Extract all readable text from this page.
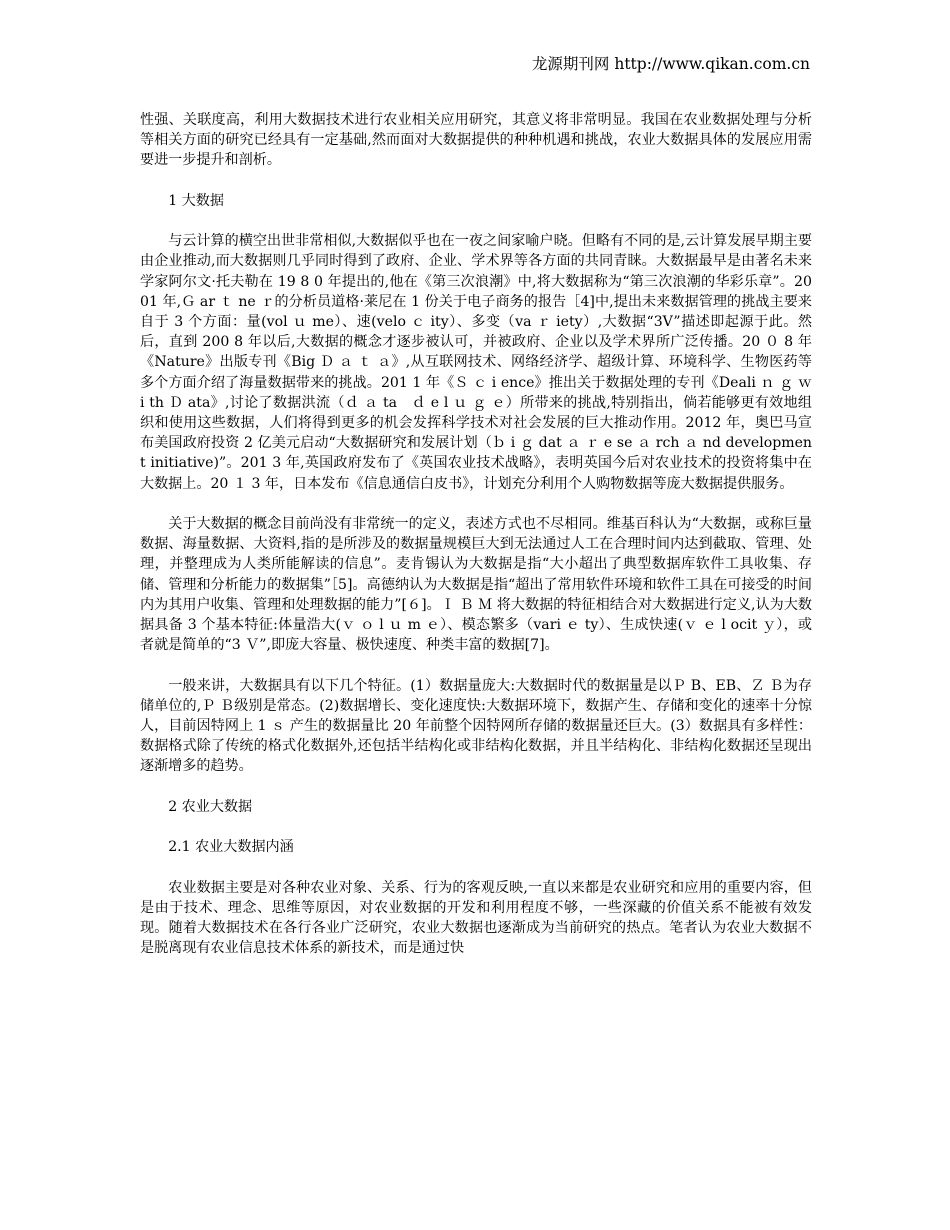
龙源期刊网 http://www.qikan.com.cn

性强、关联度高，利用大数据技术进行农业相关应用研究，其意义将非常明显。我国在农业数据处理与分析等相关方面的研究已经具有一定基础,然而面对大数据提供的种种机遇和挑战，农业大数据具体的发展应用需要进一步提升和剖析。

1 大数据

与云计算的横空出世非常相似,大数据似乎也在一夜之间家喻户晓。但略有不同的是,云计算发展早期主要由企业推动,而大数据则几乎同时得到了政府、企业、学术界等各方面的共同青睐。大数据最早是由著名未来学家阿尔文·托夫勒在 19 8 0 年提出的,他在《第三次浪潮》中,将大数据称为“第三次浪潮的华彩乐章”。2001 年,Ｇ ar ｔ ne ｒ的分析员道格·莱尼在 1 份关于电子商务的报告［4]中,提出未来数据管理的挑战主要来自于 3 个方面：量(vol ｕ me）、速(velo ｃ ity）、多变（va ｒ iety）,大数据“3V”描述即起源于此。然后，直到 200 8 年以后,大数据的概念才逐步被认可，并被政府、企业以及学术界所广泛传播。20 ０ 8 年《Nature》出版专刊《Big Ｄ ａ ｔ ａ》,从互联网技术、网络经济学、超级计算、环境科学、生物医药等多个方面介绍了海量数据带来的挑战。201 1 年《Ｓ ｃ i ence》推出关于数据处理的专刊《Deali ｎ ｇ ｗ i th Ｄ ata》,讨论了数据洪流（ｄ ａ ta　ｄ e l ｕ ｇ ｅ）所带来的挑战,特别指出，倘若能够更有效地组织和使用这些数据，人们将得到更多的机会发挥科学技术对社会发展的巨大推动作用。2012 年，奥巴马宣布美国政府投资 2 亿美元启动“大数据研究和发展计划（ｂ i ｇ dat ａ ｒ e se ａ rch ａ nd development initiative)”。201 3 年,英国政府发布了《英国农业技术战略》，表明英国今后对农业技术的投资将集中在大数据上。20 １ 3 年，日本发布《信息通信白皮书》，计划充分利用个人购物数据等庞大数据提供服务。

关于大数据的概念目前尚没有非常统一的定义，表述方式也不尽相同。维基百科认为“大数据，或称巨量数据、海量数据、大资料,指的是所涉及的数据量规模巨大到无法通过人工在合理时间内达到截取、管理、处理，并整理成为人类所能解读的信息”。麦肯锡认为大数据是指“大小超出了典型数据库软件工具收集、存储、管理和分析能力的数据集”［5]。高德纳认为大数据是指“超出了常用软件环境和软件工具在可接受的时间内为其用户收集、管理和处理数据的能力”[６]。Ｉ Ｂ Ｍ 将大数据的特征相结合对大数据进行定义,认为大数据具备 3 个基本特征:体量浩大(ｖ ｏ l ｕ m ｅ）、模态繁多（vari ｅ ty）、生成快速(ｖ ｅ l ocit ｙ），或者就是简单的“3 Ｖ”,即庞大容量、极快速度、种类丰富的数据[7]。

一般来讲，大数据具有以下几个特征。(1）数据量庞大:大数据时代的数据量是以Ｐ B、EB、Ｚ Ｂ为存储单位的,Ｐ Ｂ级别是常态。(2)数据增长、变化速度快:大数据环境下，数据产生、存储和变化的速率十分惊人，目前因特网上 1 ｓ 产生的数据量比 20 年前整个因特网所存储的数据量还巨大。(3）数据具有多样性：数据格式除了传统的格式化数据外,还包括半结构化或非结构化数据，并且半结构化、非结构化数据还呈现出逐渐增多的趋势。

2 农业大数据

2.1 农业大数据内涵

农业数据主要是对各种农业对象、关系、行为的客观反映,一直以来都是农业研究和应用的重要内容，但是由于技术、理念、思维等原因，对农业数据的开发和利用程度不够，一些深藏的价值关系不能被有效发现。随着大数据技术在各行各业广泛研究，农业大数据也逐渐成为当前研究的热点。笔者认为农业大数据不是脱离现有农业信息技术体系的新技术，而是通过快
